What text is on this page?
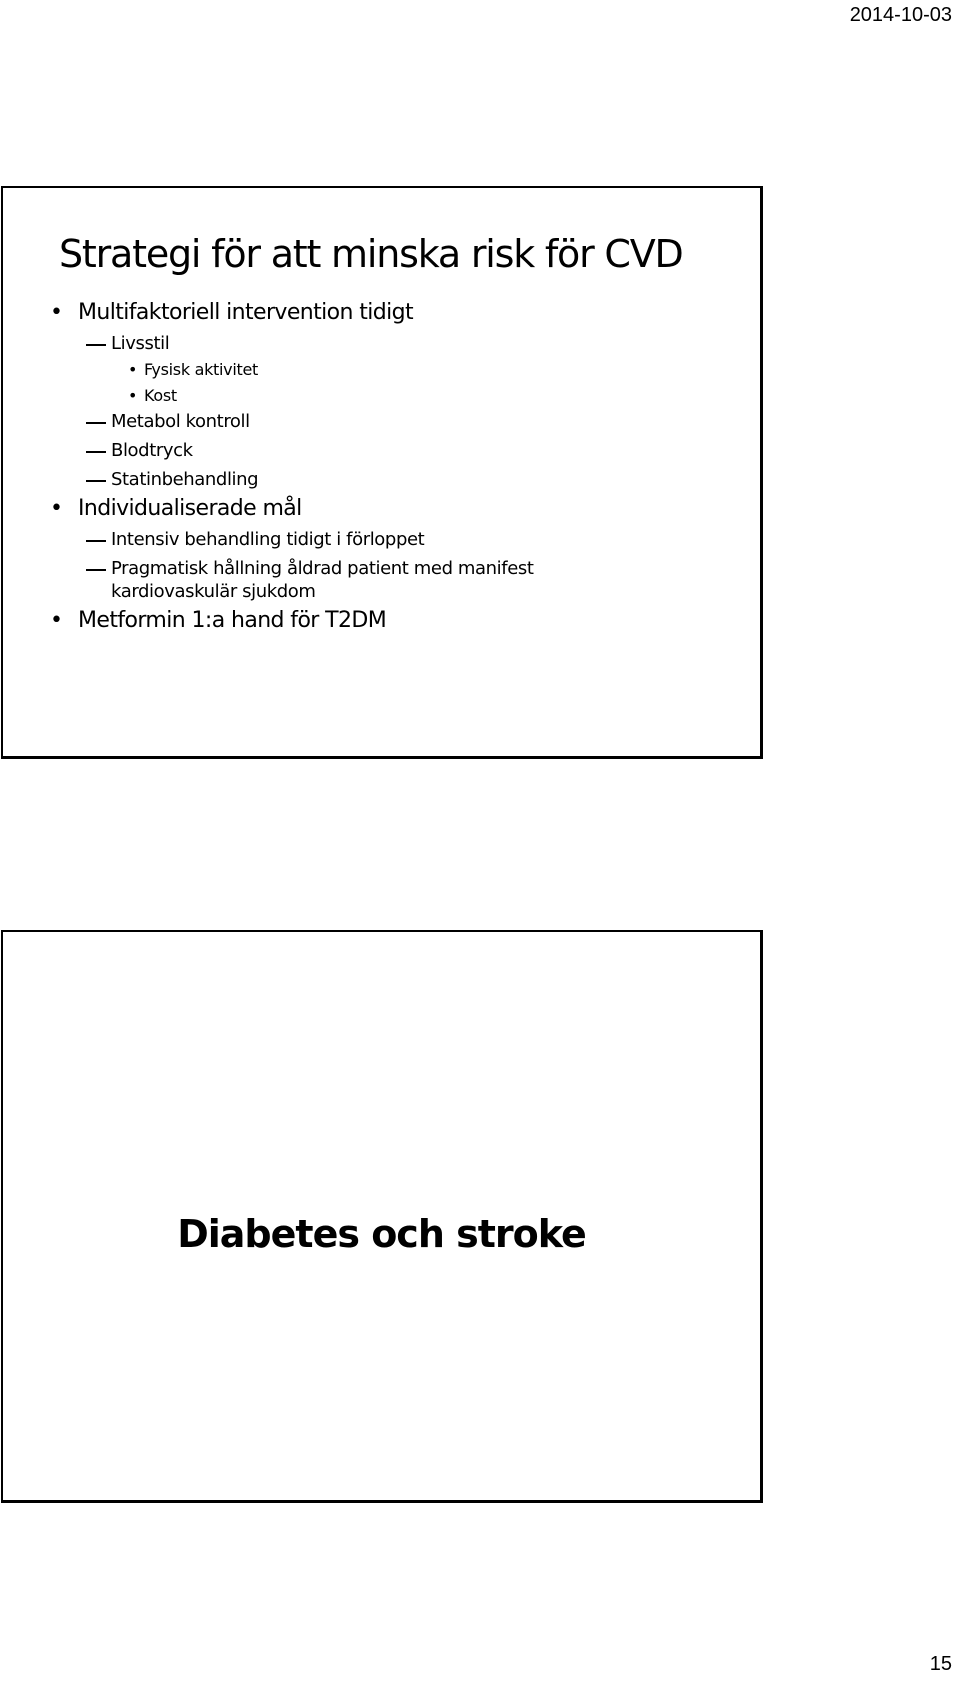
2014-10-03
Strategi för att minska risk för CVD
• Multifaktoriell intervention tidigt
Livsstil
• Fysisk aktivitet
• Kost
Metabol kontroll
Blodtryck
Statinbehandling
• Individualiserade mål
Intensiv behandling tidigt i förloppet
Pragmatisk hållning åldrad patient med manifest
kardiovaskulär sjukdom
• Metformin 1:a hand för T2DM
Diabetes och stroke
15
